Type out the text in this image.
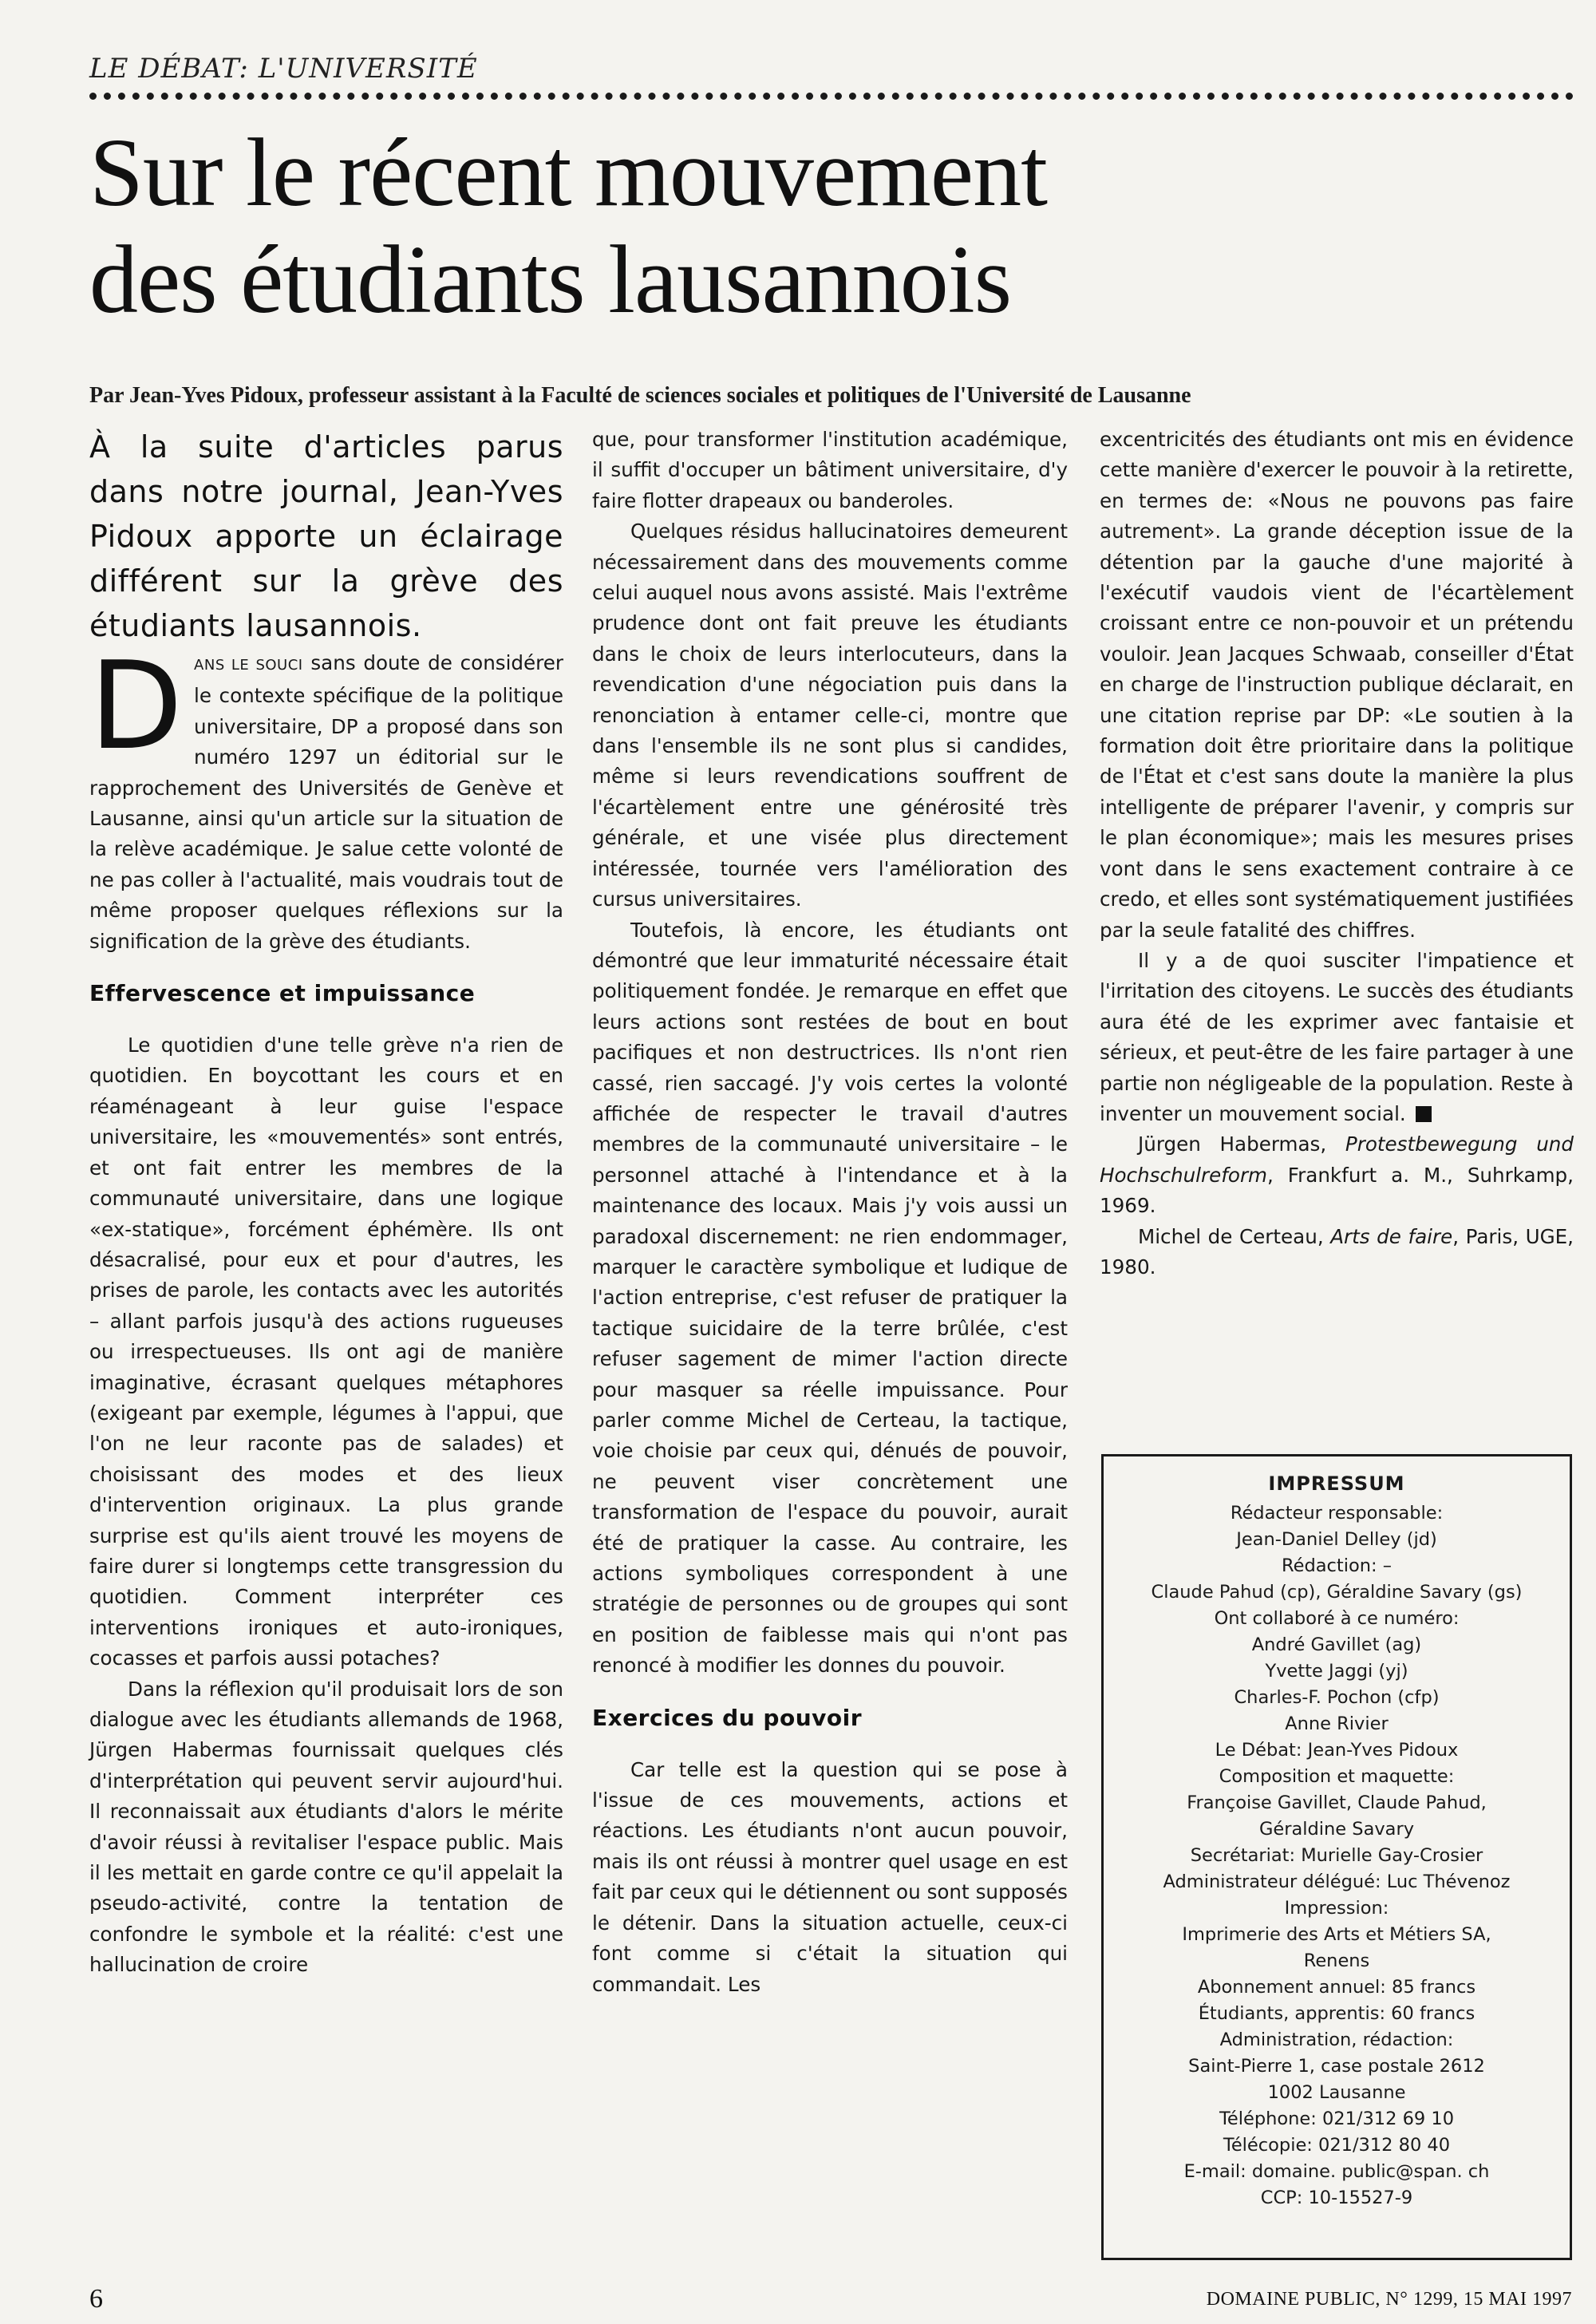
LE DÉBAT: L'UNIVERSITÉ
Sur le récent mouvement
des étudiants lausannois
Par Jean-Yves Pidoux, professeur assistant à la Faculté de sciences sociales et politiques de l'Université de Lausanne

À la suite d'articles parus dans notre journal, Jean-Yves Pidoux apporte un éclairage différent sur la grève des étudiants lausannois.

DANS LE SOUCI sans doute de considérer le contexte spécifique de la politique universitaire, DP a proposé dans son numéro 1297 un éditorial sur le rapprochement des Universités de Genève et Lausanne, ainsi qu'un article sur la situation de la relève académique. Je salue cette volonté de ne pas coller à l'actualité, mais voudrais tout de même proposer quelques réflexions sur la signification de la grève des étudiants.

Effervescence et impuissance

Le quotidien d'une telle grève n'a rien de quotidien. En boycottant les cours et en réaménageant à leur guise l'espace universitaire, les «mouvementés» sont entrés, et ont fait entrer les membres de la communauté universitaire, dans une logique «ex-statique», forcément éphémère. Ils ont désacralisé, pour eux et pour d'autres, les prises de parole, les contacts avec les autorités – allant parfois jusqu'à des actions rugueuses ou irrespectueuses. Ils ont agi de manière imaginative, écrasant quelques métaphores (exigeant par exemple, légumes à l'appui, que l'on ne leur raconte pas de salades) et choisissant des modes et des lieux d'intervention originaux. La plus grande surprise est qu'ils aient trouvé les moyens de faire durer si longtemps cette transgression du quotidien. Comment interpréter ces interventions ironiques et auto-ironiques, cocasses et parfois aussi potaches?

Dans la réflexion qu'il produisait lors de son dialogue avec les étudiants allemands de 1968, Jürgen Habermas fournissait quelques clés d'interprétation qui peuvent servir aujourd'hui. Il reconnaissait aux étudiants d'alors le mérite d'avoir réussi à revitaliser l'espace public. Mais il les mettait en garde contre ce qu'il appelait la pseudo-activité, contre la tentation de confondre le symbole et la réalité: c'est une hallucination de croire

que, pour transformer l'institution académique, il suffit d'occuper un bâtiment universitaire, d'y faire flotter drapeaux ou banderoles.

Quelques résidus hallucinatoires demeurent nécessairement dans des mouvements comme celui auquel nous avons assisté. Mais l'extrême prudence dont ont fait preuve les étudiants dans le choix de leurs interlocuteurs, dans la revendication d'une négociation puis dans la renonciation à entamer celle-ci, montre que dans l'ensemble ils ne sont plus si candides, même si leurs revendications souffrent de l'écartèlement entre une générosité très générale, et une visée plus directement intéressée, tournée vers l'amélioration des cursus universitaires.

Toutefois, là encore, les étudiants ont démontré que leur immaturité nécessaire était politiquement fondée. Je remarque en effet que leurs actions sont restées de bout en bout pacifiques et non destructrices. Ils n'ont rien cassé, rien saccagé. J'y vois certes la volonté affichée de respecter le travail d'autres membres de la communauté universitaire – le personnel attaché à l'intendance et à la maintenance des locaux. Mais j'y vois aussi un paradoxal discernement: ne rien endommager, marquer le caractère symbolique et ludique de l'action entreprise, c'est refuser de pratiquer la tactique suicidaire de la terre brûlée, c'est refuser sagement de mimer l'action directe pour masquer sa réelle impuissance. Pour parler comme Michel de Certeau, la tactique, voie choisie par ceux qui, dénués de pouvoir, ne peuvent viser concrètement une transformation de l'espace du pouvoir, aurait été de pratiquer la casse. Au contraire, les actions symboliques correspondent à une stratégie de personnes ou de groupes qui sont en position de faiblesse mais qui n'ont pas renoncé à modifier les donnes du pouvoir.

Exercices du pouvoir

Car telle est la question qui se pose à l'issue de ces mouvements, actions et réactions. Les étudiants n'ont aucun pouvoir, mais ils ont réussi à montrer quel usage en est fait par ceux qui le détiennent ou sont supposés le détenir. Dans la situation actuelle, ceux-ci font comme si c'était la situation qui commandait. Les

excentricités des étudiants ont mis en évidence cette manière d'exercer le pouvoir à la retirette, en termes de: «Nous ne pouvons pas faire autrement». La grande déception issue de la détention par la gauche d'une majorité à l'exécutif vaudois vient de l'écartèlement croissant entre ce non-pouvoir et un prétendu vouloir. Jean Jacques Schwaab, conseiller d'État en charge de l'instruction publique déclarait, en une citation reprise par DP: «Le soutien à la formation doit être prioritaire dans la politique de l'État et c'est sans doute la manière la plus intelligente de préparer l'avenir, y compris sur le plan économique»; mais les mesures prises vont dans le sens exactement contraire à ce credo, et elles sont systématiquement justifiées par la seule fatalité des chiffres.

Il y a de quoi susciter l'impatience et l'irritation des citoyens. Le succès des étudiants aura été de les exprimer avec fantaisie et sérieux, et peut-être de les faire partager à une partie non négligeable de la population. Reste à inventer un mouvement social.

Jürgen Habermas, Protestbewegung und Hochschulreform, Frankfurt a. M., Suhrkamp, 1969.

Michel de Certeau, Arts de faire, Paris, UGE, 1980.

IMPRESSUM
Rédacteur responsable:
Jean-Daniel Delley (jd)
Rédaction: –
Claude Pahud (cp), Géraldine Savary (gs)
Ont collaboré à ce numéro:
André Gavillet (ag)
Yvette Jaggi (yj)
Charles-F. Pochon (cfp)
Anne Rivier
Le Débat: Jean-Yves Pidoux
Composition et maquette:
Françoise Gavillet, Claude Pahud,
Géraldine Savary
Secrétariat: Murielle Gay-Crosier
Administrateur délégué: Luc Thévenoz
Impression:
Imprimerie des Arts et Métiers SA,
Renens
Abonnement annuel: 85 francs
Étudiants, apprentis: 60 francs
Administration, rédaction:
Saint-Pierre 1, case postale 2612
1002 Lausanne
Téléphone: 021/312 69 10
Télécopie: 021/312 80 40
E-mail: domaine. public@span. ch
CCP: 10-15527-9
6	DOMAINE PUBLIC, N° 1299, 15 MAI 1997
